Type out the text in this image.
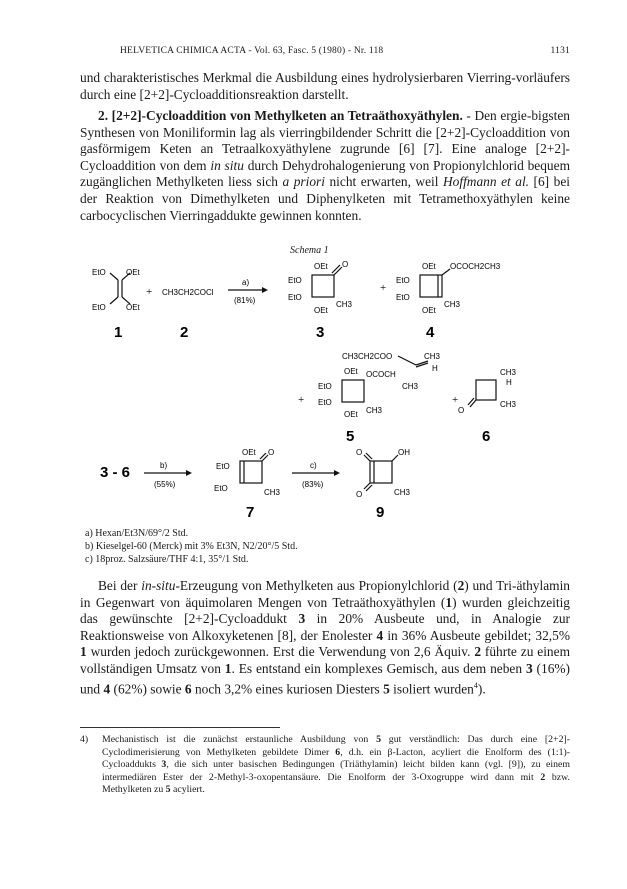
HELVETICA CHIMICA ACTA - Vol. 63, Fasc. 5 (1980) - Nr. 118	1131

und charakteristisches Merkmal die Ausbildung eines hydrolysierbaren Vierring-vorläufers durch eine [2+2]-Cycloadditionsreaktion darstellt.

2. [2+2]-Cycloaddition von Methylketen an Tetraäthoxyäthylen. - Den ergie-bigsten Synthesen von Moniliformin lag als vierringbildender Schritt die [2+2]-Cycloaddition von gasförmigem Keten an Tetraalkoxyäthylene zugrunde [6] [7]. Eine analoge [2+2]-Cycloaddition von dem in situ durch Dehydrohalogenierung von Propionylchlorid bequem zugänglichen Methylketen liess sich a priori nicht erwarten, weil Hoffmann et al. [6] bei der Reaktion von Dimethylketen und Diphenylketen mit Tetramethoxyäthylen keine carbocyclischen Vierringaddukte gewinnen konnten.

Schema 1
EtO	OEt
EtO	OEt
1
+ CH3CH2COCl
2
a)
(81%)
OEt O
EtO
EtO
OEt
CH3
3
+
OEt OCOCH2CH3
EtO
EtO
OEt
CH3
4
+
CH3CH2COO	CH3
H
OEt OCOCH
CH3
EtO
EtO
OEt CH3
5
+
O
CH3
H
CH3
6
3 - 6	b)
(55%)
OEt O
EtO
EtO	CH3
7
c)
(83%)
O	OH
O	CH3
9
a) Hexan/Et3N/69°/2 Std.
b) Kieselgel-60 (Merck) mit 3% Et3N, N2/20°/5 Std.
c) 18proz. Salzsäure/THF 4:1, 35°/1 Std.

Bei der in-situ-Erzeugung von Methylketen aus Propionylchlorid (2) und Tri-äthylamin in Gegenwart von äquimolaren Mengen von Tetraäthoxyäthylen (1) wurden gleichzeitig das gewünschte [2+2]-Cycloaddukt 3 in 20% Ausbeute und, in Analogie zur Reaktionsweise von Alkoxyketenen [8], der Enolester 4 in 36% Ausbeute gebildet; 32,5% 1 wurden jedoch zurückgewonnen. Erst die Verwendung von 2,6 Äquiv. 2 führte zu einem vollständigen Umsatz von 1. Es entstand ein komplexes Gemisch, aus dem neben 3 (16%) und 4 (62%) sowie 6 noch 3,2% eines kuriosen Diesters 5 isoliert wurden$^4$).

4) Mechanistisch ist die zunächst erstaunliche Ausbildung von 5 gut verständlich: Das durch eine [2+2]-Cyclodimerisierung von Methylketen gebildete Dimer 6, d.h. ein β-Lacton, acyliert die Enolform des (1:1)-Cycloaddukts 3, die sich unter basischen Bedingungen (Triäthylamin) leicht bilden kann (vgl. [9]), zu einem intermediären Ester der 2-Methyl-3-oxopentansäure. Die Enolform der 3-Oxogruppe wird dann mit 2 bzw. Methylketen zu 5 acyliert.
